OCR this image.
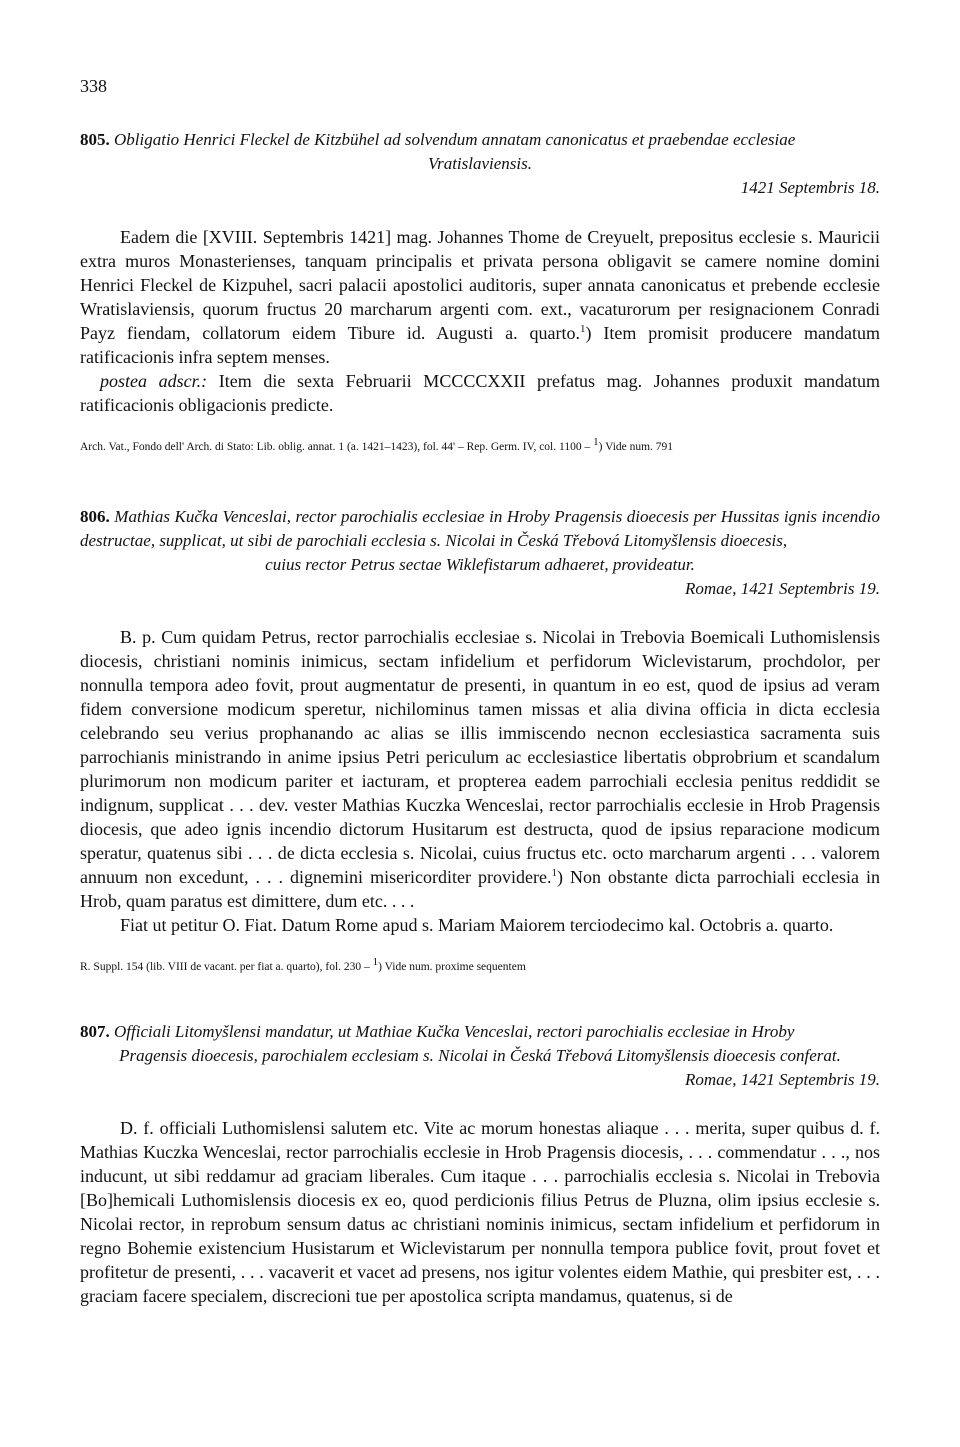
338
805. Obligatio Henrici Fleckel de Kitzbühel ad solvendum annatam canonicatus et praebendae ecclesiae
Vratislaviensis.
1421 Septembris 18.

Eadem die [XVIII. Septembris 1421] mag. Johannes Thome de Creyuelt, prepositus ecclesie s. Mauricii extra muros Monasterienses, tanquam principalis et privata persona obligavit se camere nomine domini Henrici Fleckel de Kizpuhel, sacri palacii apostolici auditoris, super annata canonicatus et prebende ecclesie Wratislaviensis, quorum fructus 20 marcharum argenti com. ext., vacaturorum per resignacionem Conradi Payz fiendam, collatorum eidem Tibure id. Augusti a. quarto.$^1$) Item promisit producere mandatum ratificacionis infra septem menses.

postea adscr.: Item die sexta Februarii MCCCCXXII prefatus mag. Johannes produxit mandatum ratificacionis obligacionis predicte.

Arch. Vat., Fondo dell' Arch. di Stato: Lib. oblig. annat. 1 (a. 1421–1423), fol. 44' – Rep. Germ. IV, col. 1100 – $^1$) Vide num. 791
806. Mathias Kučka Venceslai, rector parochialis ecclesiae in Hroby Pragensis dioecesis per Hussitas ignis incendio destructae, supplicat, ut sibi de parochiali ecclesia s. Nicolai in Česká Třebová Litomyšlensis dioecesis,
cuius rector Petrus sectae Wiklefistarum adhaeret, provideatur.
Romae, 1421 Septembris 19.

B. p. Cum quidam Petrus, rector parrochialis ecclesiae s. Nicolai in Trebovia Boemicali Luthomislensis diocesis, christiani nominis inimicus, sectam infidelium et perfidorum Wiclevistarum, prochdolor, per nonnulla tempora adeo fovit, prout augmentatur de presenti, in quantum in eo est, quod de ipsius ad veram fidem conversione modicum speretur, nichilominus tamen missas et alia divina officia in dicta ecclesia celebrando seu verius prophanando ac alias se illis immiscendo necnon ecclesiastica sacramenta suis parrochianis ministrando in anime ipsius Petri periculum ac ecclesiastice libertatis obprobrium et scandalum plurimorum non modicum pariter et iacturam, et propterea eadem parrochiali ecclesia penitus reddidit se indignum, supplicat . . . dev. vester Mathias Kuczka Wenceslai, rector parrochialis ecclesie in Hrob Pragensis diocesis, que adeo ignis incendio dictorum Husitarum est destructa, quod de ipsius reparacione modicum speratur, quatenus sibi . . . de dicta ecclesia s. Nicolai, cuius fructus etc. octo marcharum argenti . . . valorem annuum non excedunt, . . . dignemini misericorditer providere.$^1$) Non obstante dicta parrochiali ecclesia in Hrob, quam paratus est dimittere, dum etc. . . .

Fiat ut petitur O. Fiat. Datum Rome apud s. Mariam Maiorem terciodecimo kal. Octobris a. quarto.

R. Suppl. 154 (lib. VIII de vacant. per fiat a. quarto), fol. 230 – $^1$) Vide num. proxime sequentem
807. Officiali Litomyšlensi mandatur, ut Mathiae Kučka Venceslai, rectori parochialis ecclesiae in Hroby
Pragensis dioecesis, parochialem ecclesiam s. Nicolai in Česká Třebová Litomyšlensis dioecesis conferat.
Romae, 1421 Septembris 19.

D. f. officiali Luthomislensi salutem etc. Vite ac morum honestas aliaque . . . merita, super quibus d. f. Mathias Kuczka Wenceslai, rector parrochialis ecclesie in Hrob Pragensis diocesis, . . . commendatur . . ., nos inducunt, ut sibi reddamur ad graciam liberales. Cum itaque . . . parrochialis ecclesia s. Nicolai in Trebovia [Bo]hemicali Luthomislensis diocesis ex eo, quod perdicionis filius Petrus de Pluzna, olim ipsius ecclesie s. Nicolai rector, in reprobum sensum datus ac christiani nominis inimicus, sectam infidelium et perfidorum in regno Bohemie existencium Husistarum et Wiclevistarum per nonnulla tempora publice fovit, prout fovet et profitetur de presenti, . . . vacaverit et vacet ad presens, nos igitur volentes eidem Mathie, qui presbiter est, . . . graciam facere specialem, discrecioni tue per apostolica scripta mandamus, quatenus, si de
